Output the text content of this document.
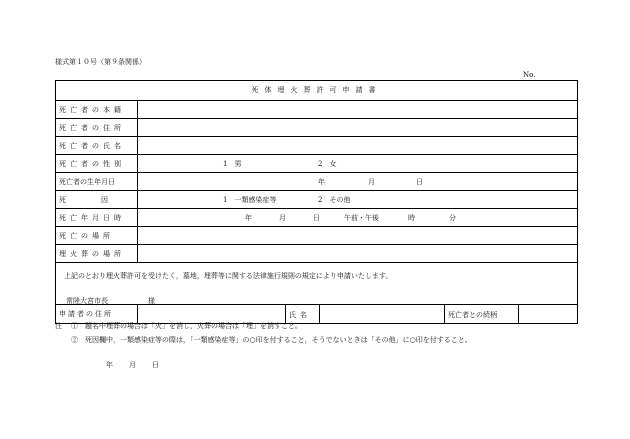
様式第１０号（第９条関係）
No.
死体埋火葬許可申請書
死亡者の本籍
死亡者の住所
死亡者の氏名
死亡者の性別	1　男	2　女
死亡者の生年月日	年	月	日
死　　　　　因	1　一類感染症等	2　その他
死亡年月日時	年	月	日	午前・午後	時	分
死亡の場所
埋火葬の場所
上記のとおり埋火葬許可を受けたく，墓地，埋葬等に関する法律施行規則の規定により申請いたします。
常陸大宮市長	様
申請者の住所	氏名	死亡者との続柄
注 ①　題名中埋葬の場合は「火」を消し，火葬の場合は「埋」を消すこと。
②　死因欄中，一類感染症等の際は，「一類感染症等」の○印を付すること，そうでないときは「その他」に○印を付すること。
年 月 日
